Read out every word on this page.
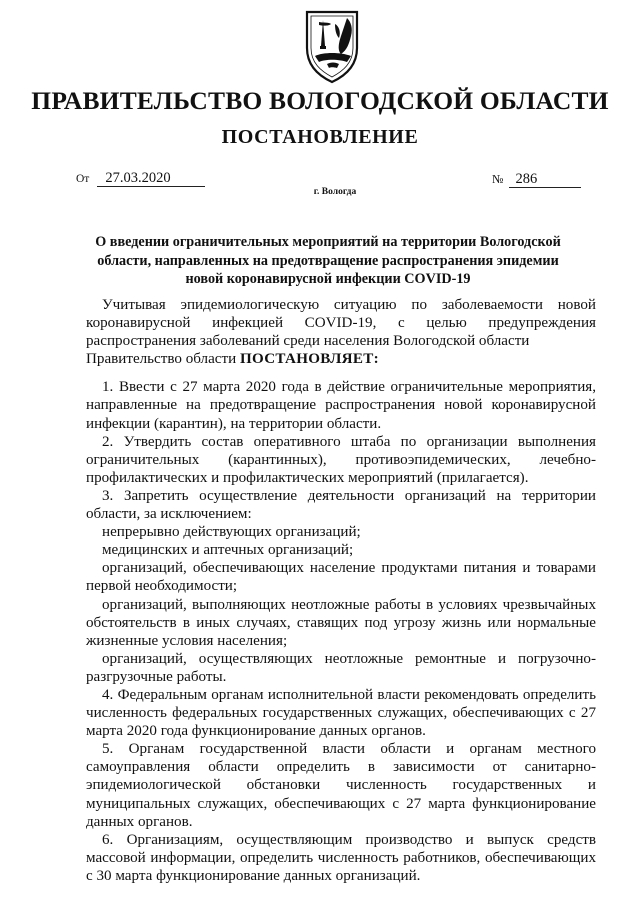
ПРАВИТЕЛЬСТВО ВОЛОГОДСКОЙ ОБЛАСТИ
ПОСТАНОВЛЕНИЕ
От 27.03.2020	№ 286
г. Вологда
О введении ограничительных мероприятий на территории Вологодской
области, направленных на предотвращение распространения эпидемии
новой коронавирусной инфекции COVID-19

Учитывая эпидемиологическую ситуацию по заболеваемости новой коронавирусной инфекцией COVID-19, с целью предупреждения распространения заболеваний среди населения Вологодской области

Правительство области ПОСТАНОВЛЯЕТ:

1. Ввести с 27 марта 2020 года в действие ограничительные мероприятия, направленные на предотвращение распространения новой коронавирусной инфекции (карантин), на территории области.

2. Утвердить состав оперативного штаба по организации выполнения ограничительных (карантинных), противоэпидемических, лечебно-профилактических и профилактических мероприятий (прилагается).

3. Запретить осуществление деятельности организаций на территории области, за исключением:

непрерывно действующих организаций;

медицинских и аптечных организаций;

организаций, обеспечивающих население продуктами питания и товарами первой необходимости;

организаций, выполняющих неотложные работы в условиях чрезвычайных обстоятельств в иных случаях, ставящих под угрозу жизнь или нормальные жизненные условия населения;

организаций, осуществляющих неотложные ремонтные и погрузочно-разгрузочные работы.

4. Федеральным органам исполнительной власти рекомендовать определить численность федеральных государственных служащих, обеспечивающих с 27 марта 2020 года функционирование данных органов.

5. Органам государственной власти области и органам местного самоуправления области определить в зависимости от санитарно-эпидемиологической обстановки численность государственных и муниципальных служащих, обеспечивающих с 27 марта функционирование данных органов.

6. Организациям, осуществляющим производство и выпуск средств массовой информации, определить численность работников, обеспечивающих с 30 марта функционирование данных организаций.
